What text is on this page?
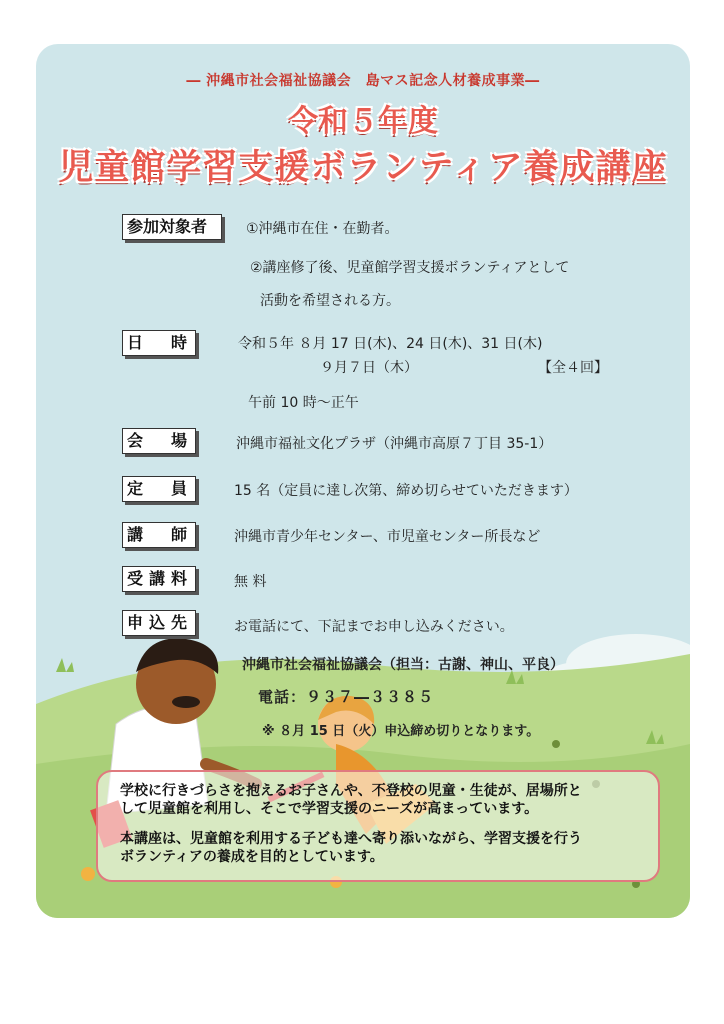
― 沖縄市社会福祉協議会　島マス記念人材養成事業―
令和５年度
児童館学習支援ボランティア養成講座
参加対象者	①沖縄市在住・在勤者。
②講座修了後、児童館学習支援ボランティアとして
活動を希望される方。
日　時	令和５年 ８月 17 日(木)、24 日(木)、31 日(木)
９月７日（木）	【全４回】
午前 10 時～正午
会　場	沖縄市福祉文化プラザ（沖縄市高原７丁目 35-1）
定　員	15 名（定員に達し次第、締め切らせていただきます）
講　師	沖縄市青少年センター、市児童センター所長など
受講料	無 料
申込先	お電話にて、下記までお申し込みください。
沖縄市社会福祉協議会（担当：古謝、神山、平良）
電話：９３７―３３８５
※ ８月 15 日（火）申込締め切りとなります。

学校に行きづらさを抱えるお子さんや、不登校の児童・生徒が、居場所と

して児童館を利用し、そこで学習支援のニーズが高まっています。

本講座は、児童館を利用する子ども達へ寄り添いながら、学習支援を行う

ボランティアの養成を目的としています。
